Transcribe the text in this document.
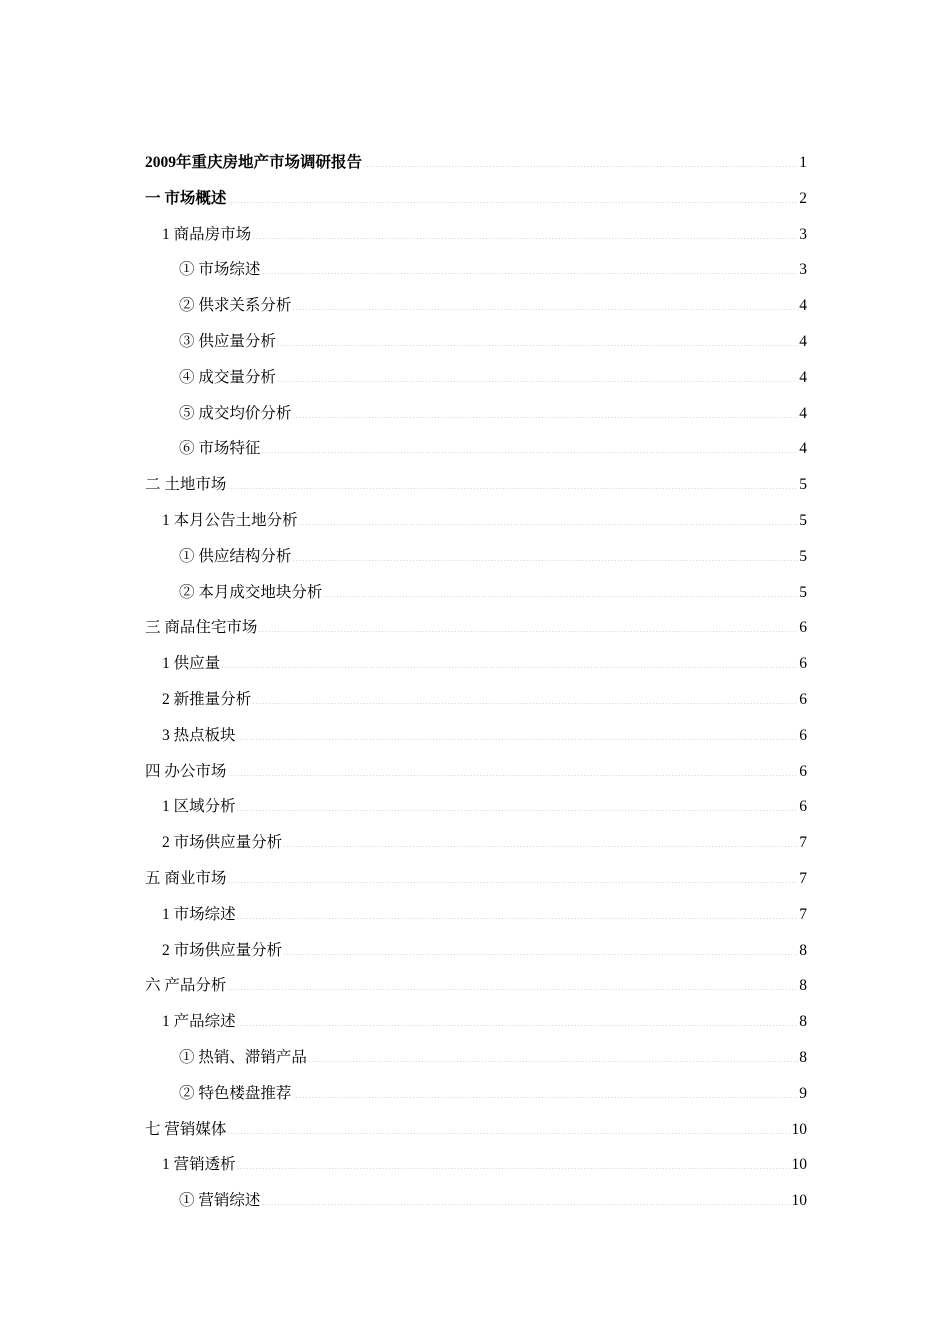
2009年重庆房地产市场调研报告 .....	1
一 市场概述 .....	2
1 商品房市场 .....	3
① 市场综述 .....	3
② 供求关系分析 .....	4
③ 供应量分析 .....	4
④ 成交量分析 .....	4
⑤ 成交均价分析 .....	4
⑥ 市场特征 .....	4
二 土地市场 .....	5
1 本月公告土地分析 .....	5
① 供应结构分析 .....	5
② 本月成交地块分析 .....	5
三 商品住宅市场 .....	6
1 供应量 .....	6
2 新推量分析 .....	6
3 热点板块 .....	6
四 办公市场 .....	6
1 区域分析 .....	6
2 市场供应量分析 .....	7
五 商业市场 .....	7
1 市场综述 .....	7
2 市场供应量分析 .....	8
六 产品分析 .....	8
1 产品综述 .....	8
① 热销、滞销产品 .....	8
② 特色楼盘推荐 .....	9
七 营销媒体 .....	10
1 营销透析 .....	10
① 营销综述 .....	10
